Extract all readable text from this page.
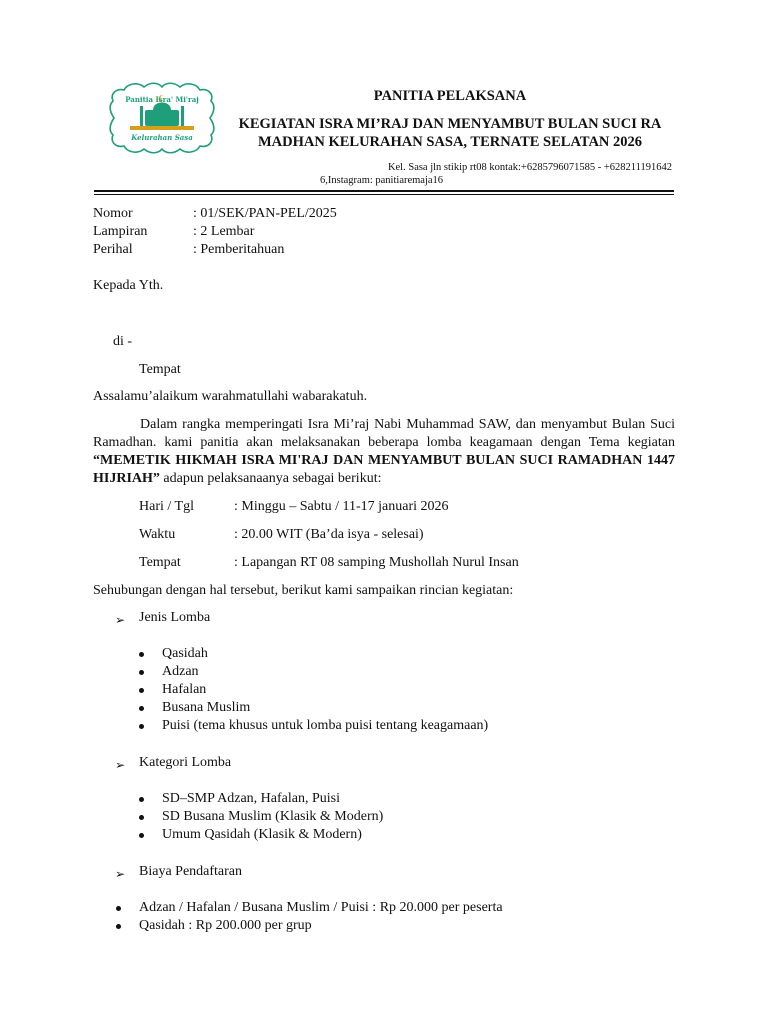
Panitia Isra' Mi'raj
Kelurahan Sasa
PANITIA PELAKSANA
KEGIATAN ISRA MI’RAJ DAN MENYAMBUT BULAN SUCI RA
MADHAN KELURAHAN SASA, TERNATE SELATAN 2026
Kel. Sasa jln stikip rt08 kontak:+6285796071585 - +628211191642
6,Instagram: panitiaremaja16
Nomor	: 01/SEK/PAN-PEL/2025
Lampiran	: 2 Lembar
Perihal	: Pemberitahuan
Kepada Yth.
di -
Tempat
Assalamu’alaikum warahmatullahi wabarakatuh.
Dalam rangka memperingati Isra Mi’raj Nabi Muhammad SAW, dan menyambut Bulan Suci Ramadhan. kami panitia akan melaksanakan beberapa lomba keagamaan dengan Tema kegiatan “MEMETIK HIKMAH ISRA MI'RAJ DAN MENYAMBUT BULAN SUCI RAMADHAN 1447 HIJRIAH” adapun pelaksanaanya sebagai berikut:
Hari / Tgl	: Minggu – Sabtu / 11-17 januari 2026
Waktu	: 20.00 WIT (Ba’da isya - selesai)
Tempat	: Lapangan RT 08 samping Mushollah Nurul Insan
Sehubungan dengan hal tersebut, berikut kami sampaikan rincian kegiatan:
➢ Jenis Lomba
Qasidah
Adzan
Hafalan
Busana Muslim
Puisi (tema khusus untuk lomba puisi tentang keagamaan)
➢ Kategori Lomba
SD–SMP Adzan, Hafalan, Puisi
SD Busana Muslim (Klasik & Modern)
Umum Qasidah (Klasik & Modern)
➢ Biaya Pendaftaran
Adzan / Hafalan / Busana Muslim / Puisi : Rp 20.000 per peserta
Qasidah : Rp 200.000 per grup
